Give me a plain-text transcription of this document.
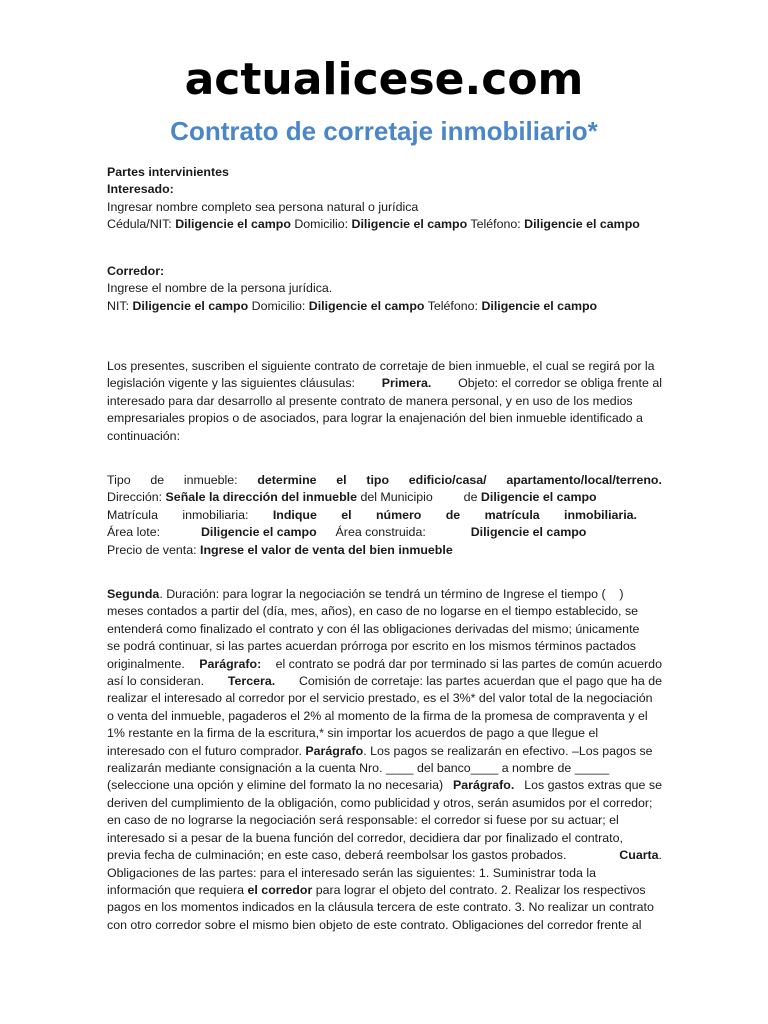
actualicese.com
Contrato de corretaje inmobiliario*

Partes intervinientes

Interesado:

Ingresar nombre completo sea persona natural o jurídica

Cédula/NIT: Diligencie el campo Domicilio: Diligencie el campo Teléfono: Diligencie el campo

Corredor:

Ingrese el nombre de la persona jurídica.

NIT: Diligencie el campo Domicilio: Diligencie el campo Teléfono: Diligencie el campo

Los presentes, suscriben el siguiente contrato de corretaje de bien inmueble, el cual se regirá por la

legislación vigente y las siguientes cláusulas: Primera. Objeto: el corredor se obliga frente al

interesado para dar desarrollo al presente contrato de manera personal, y en uso de los medios

empresariales propios o de asociados, para lograr la enajenación del bien inmueble identificado a

continuación:

Tipo de inmueble: determine el tipo edificio/casa/ apartamento/local/terreno.

Dirección: Señale la dirección del inmueble del Municipio de Diligencie el campo

Matrícula inmobiliaria: Indique el número de matrícula inmobiliaria.

Área lote:	Diligencie el campo Área construida:	Diligencie el campo

Precio de venta: Ingrese el valor de venta del bien inmueble

Segunda. Duración: para lograr la negociación se tendrá un término de Ingrese el tiempo (    )

meses contados a partir del (día, mes, años), en caso de no logarse en el tiempo establecido, se

entenderá como finalizado el contrato y con él las obligaciones derivadas del mismo; únicamente

se podrá continuar, si las partes acuerdan prórroga por escrito en los mismos términos pactados

originalmente. Parágrafo: el contrato se podrá dar por terminado si las partes de común acuerdo

así lo consideran. Tercera. Comisión de corretaje: las partes acuerdan que el pago que ha de

realizar el interesado al corredor por el servicio prestado, es el 3%* del valor total de la negociación

o venta del inmueble, pagaderos el 2% al momento de la firma de la promesa de compraventa y el

1% restante en la firma de la escritura,* sin importar los acuerdos de pago a que llegue el

interesado con el futuro comprador. Parágrafo. Los pagos se realizarán en efectivo. –Los pagos se

realizarán mediante consignación a la cuenta Nro. ____ del banco____ a nombre de _____

(seleccione una opción y elimine del formato la no necesaria) Parágrafo. Los gastos extras que se

deriven del cumplimiento de la obligación, como publicidad y otros, serán asumidos por el corredor;

en caso de no lograrse la negociación será responsable: el corredor si fuese por su actuar; el

interesado si a pesar de la buena función del corredor, decidiera dar por finalizado el contrato,

previa fecha de culminación; en este caso, deberá reembolsar los gastos probados.	Cuarta.

Obligaciones de las partes: para el interesado serán las siguientes: 1. Suministrar toda la

información que requiera el corredor para lograr el objeto del contrato. 2. Realizar los respectivos

pagos en los momentos indicados en la cláusula tercera de este contrato. 3. No realizar un contrato

con otro corredor sobre el mismo bien objeto de este contrato. Obligaciones del corredor frente al
